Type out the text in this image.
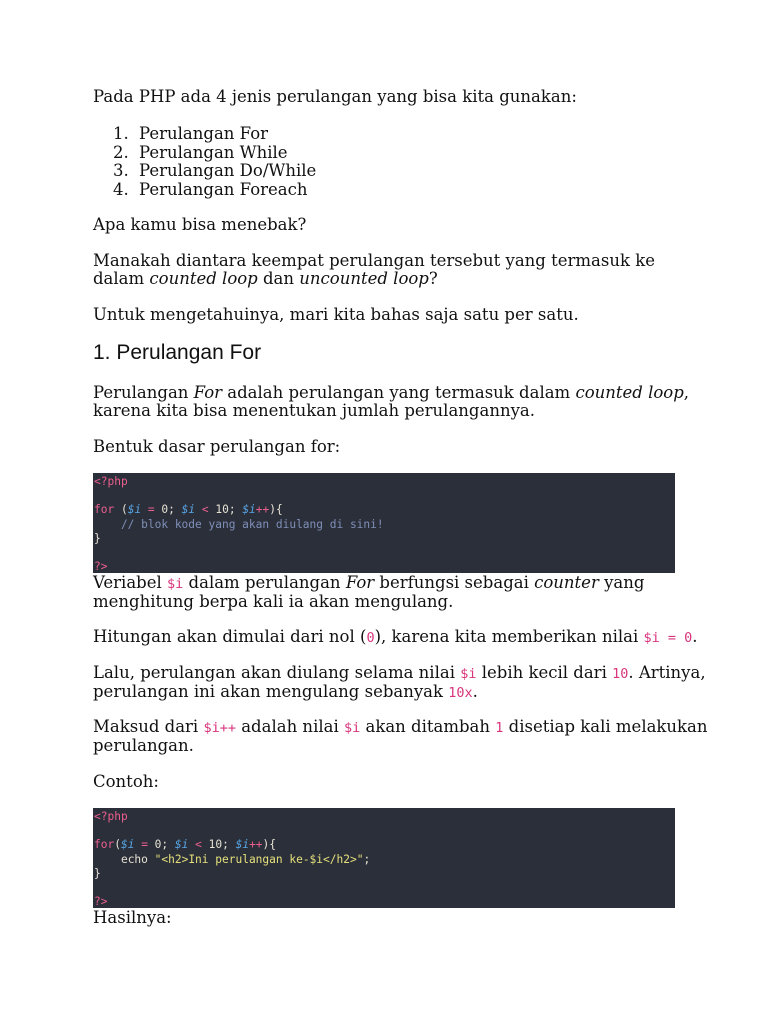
Pada PHP ada 4 jenis perulangan yang bisa kita gunakan:

1. Perulangan For
2. Perulangan While
3. Perulangan Do/While
4. Perulangan Foreach

Apa kamu bisa menebak?

Manakah diantara keempat perulangan tersebut yang termasuk ke

dalam counted loop dan uncounted loop?

Untuk mengetahuinya, mari kita bahas saja satu per satu.

1. Perulangan For

Perulangan For adalah perulangan yang termasuk dalam counted loop,

karena kita bisa menentukan jumlah perulangannya.

Bentuk dasar perulangan for:

<?php
for ($i = 0; $i < 10; $i++){
// blok kode yang akan diulang di sini!
}
?>

Veriabel $i dalam perulangan For berfungsi sebagai counter yang

menghitung berpa kali ia akan mengulang.

Hitungan akan dimulai dari nol (0), karena kita memberikan nilai $i = 0.

Lalu, perulangan akan diulang selama nilai $i lebih kecil dari 10. Artinya,

perulangan ini akan mengulang sebanyak 10x.

Maksud dari $i++ adalah nilai $i akan ditambah 1 disetiap kali melakukan

perulangan.

Contoh:

<?php
for($i = 0; $i < 10; $i++){
echo "<h2>Ini perulangan ke-$i</h2>";
}
?>

Hasilnya:
